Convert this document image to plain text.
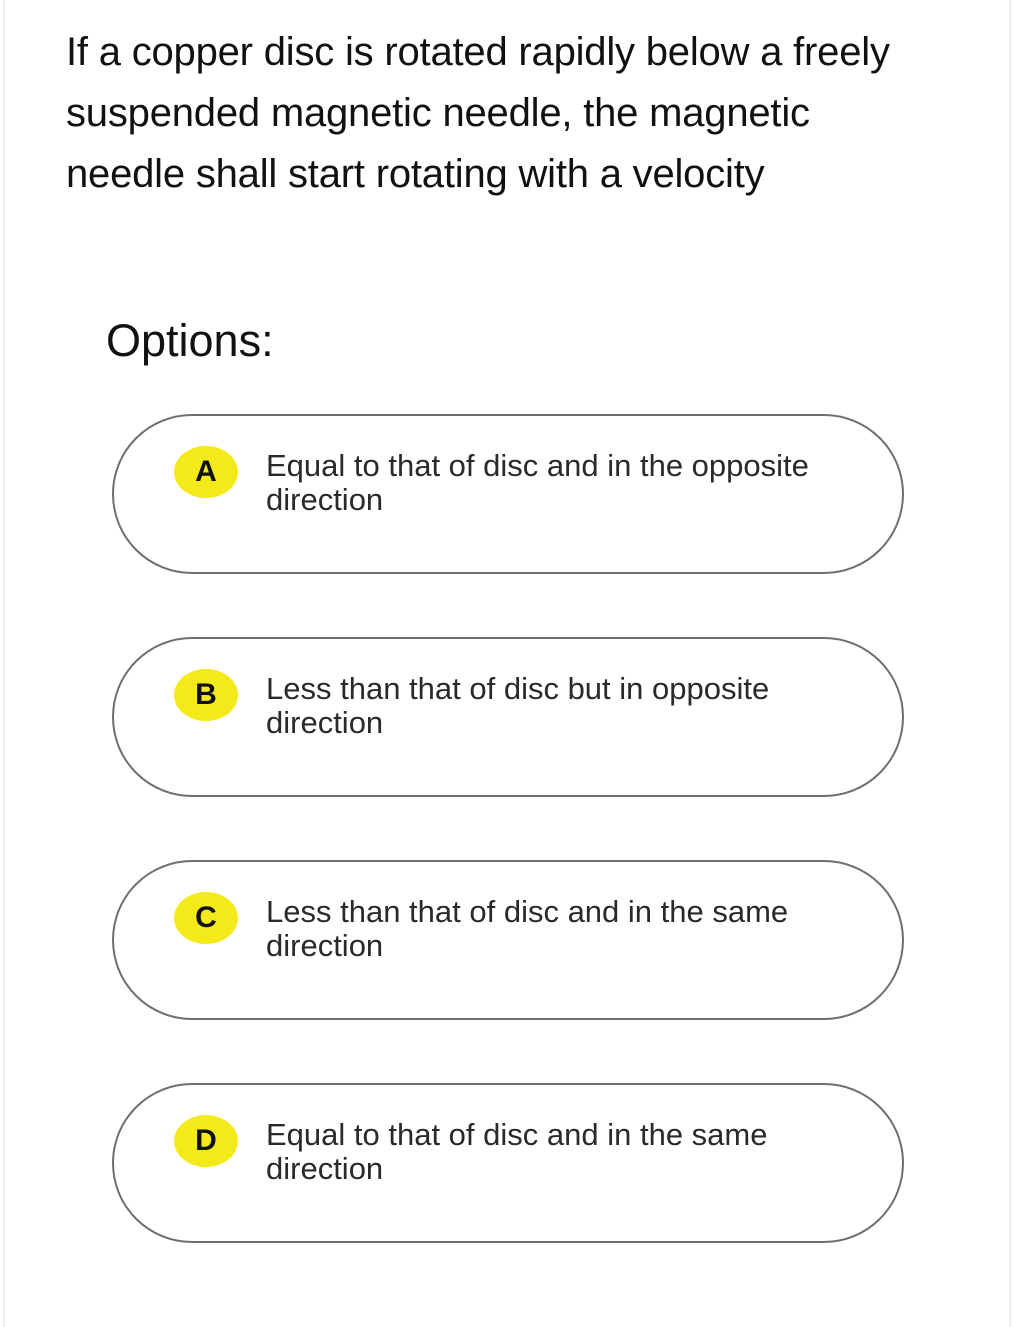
If a copper disc is rotated rapidly below a freely suspended magnetic needle, the magnetic needle shall start rotating with a velocity
Options:
A	Equal to that of disc and in the opposite direction
B	Less than that of disc but in opposite direction
C	Less than that of disc and in the same direction
D	Equal to that of disc and in the same direction
